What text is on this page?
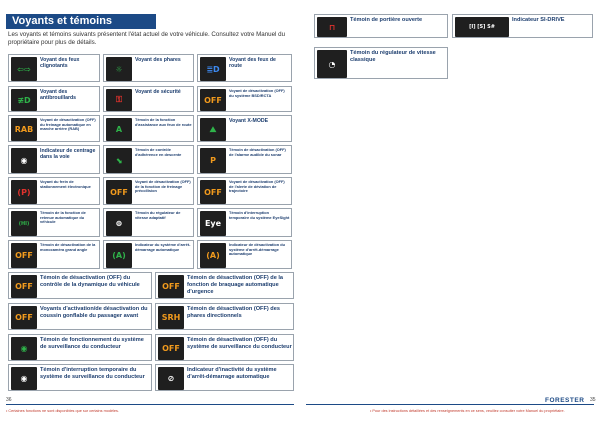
Voyants et témoins
Les voyants et témoins suivants présentent l'état actuel de votre véhicule. Consultez votre Manuel du propriétaire pour plus de détails.
⇦⇨
Voyant des feux clignotants	☼
Voyant des phares
≣D
Voyant des feux de route
≢D
Voyant des antibrouillards	⚿
Voyant de sécurité
OFF
Voyant de désactivation (OFF) du système BSD/RCTA
RAB
Voyant de désactivation (OFF) du freinage automatique en marche arrière (RAB)	A
Témoin de la fonction d'assistance aux feux de route
⛰
Voyant X-MODE
◉
Indicateur de centrage dans la voie	⬊
Témoin de contrôle d'adhérence en descente
P
Témoin de désactivation (OFF) de l'alarme audible du sonar
(P)
Voyant du frein de stationnement électronique
OFF
Voyant de désactivation (OFF) de la fonction de freinage précollision	OFF
Voyant de désactivation (OFF) de l'alerte de déviation de trajectoire
(HI)
Témoin de la fonction de retenue automatique du véhicule	⊜
Témoin du régulateur de vitesse adaptatif
Eye
Témoin d'interruption temporaire du système EyeSight
OFF
Témoin de désactivation de la monocaméra grand angle
(A)
Indicateur du système d'arrêt-démarrage automatique
(A)
Indicateur de désactivation du système d'arrêt-démarrage automatique
OFF
Témoin de désactivation (OFF) du contrôle de la dynamique du véhicule	OFF
Témoin de désactivation (OFF) de la fonction de braquage automatique d'urgence
OFF
Voyants d'activation/de désactivation du coussin gonflable du passager avant	SRH
Témoin de désactivation (OFF) des phares directionnels
◉
Témoin de fonctionnement du système de surveillance du conducteur	OFF
Témoin de désactivation (OFF) du système de surveillance du conducteur
◉
Témoin d'interruption temporaire du système de surveillance du conducteur	⊘
Indicateur d'inactivité du système d'arrêt-démarrage automatique
36
• Certaines fonctions ne sont disponibles que sur certains modèles.
⊓
Témoin de portière ouverte
[I] [S] S#
Indicateur SI-DRIVE
◔
Témoin du régulateur de vitesse classique
FORESTER 35
• Pour des instructions détaillées et des renseignements en ce sens, veuillez consulter votre Manuel du propriétaire.
